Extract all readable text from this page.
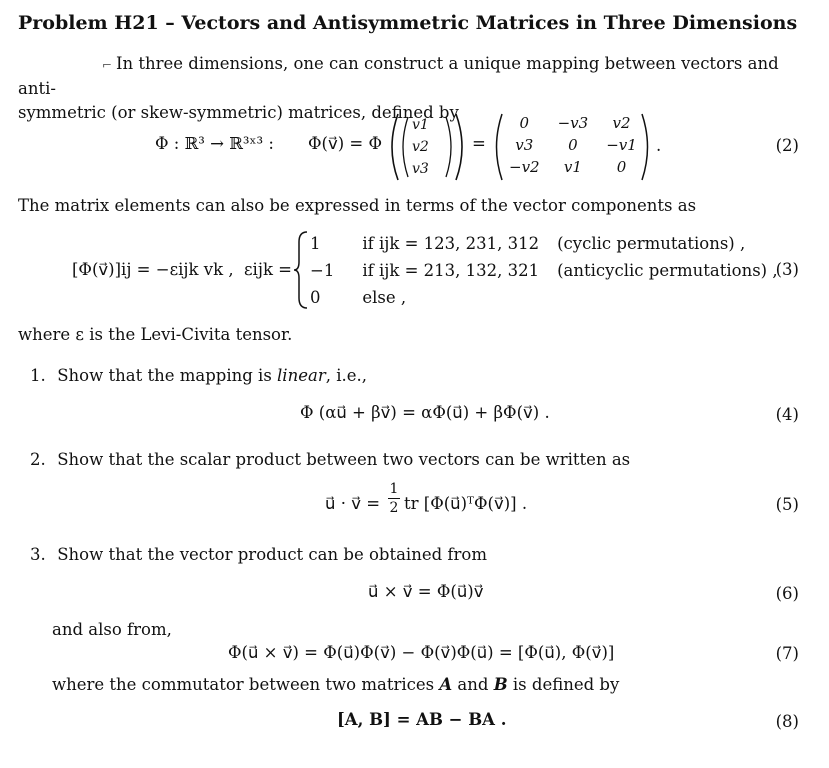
Problem H21 – Vectors and Antisymmetric Matrices in Three Dimensions
⌐ In three dimensions, one can construct a unique mapping between vectors and anti-
symmetric (or skew-symmetric) matrices, defined by
Φ : ℝ³ → ℝ³ˣ³ : Φ(v⃗) = Φ
v1
v2
v3
=
0	−v3	v2
v3	0	−v1
−v2	v1	0
.	(2)
The matrix elements can also be expressed in terms of the vector components as
[Φ(v⃗)]ij = −εijk vk , εijk =
1	if ijk = 123, 231, 312	(cyclic permutations) ,
−1	if ijk = 213, 132, 321	(anticyclic permutations) ,
0	else ,	
(3)
where ε is the Levi-Civita tensor.
1. Show that the mapping is linear, i.e.,
Φ (αu⃗ + βv⃗) = αΦ(u⃗) + βΦ(v⃗) .	(4)
2. Show that the scalar product between two vectors can be written as
u⃗ · v⃗ = $\frac{1}{2}$ tr [Φ(u⃗)ᵀΦ(v⃗)] .	(5)
3. Show that the vector product can be obtained from
u⃗ × v⃗ = Φ(u⃗)v⃗	(6)
and also from,
Φ(u⃗ × v⃗) = Φ(u⃗)Φ(v⃗) − Φ(v⃗)Φ(u⃗) = [Φ(u⃗), Φ(v⃗)]	(7)
where the commutator between two matrices A and B is defined by
[A, B] = AB − BA .	(8)
